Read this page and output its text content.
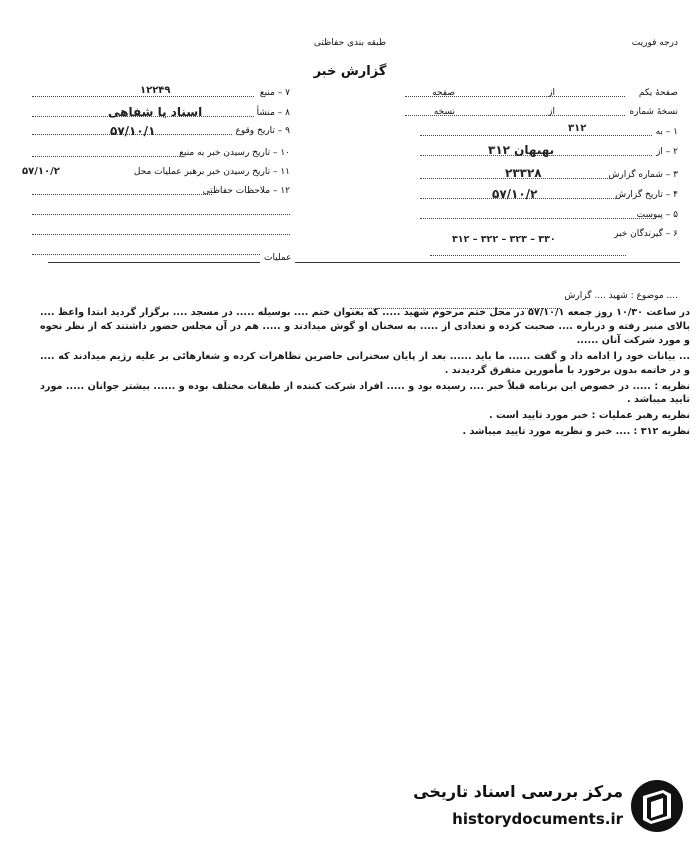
طبقه بندی حفاظتی	درجه فوریت
گزارش خبر
۷ – منبع
۱۲۲۴۹
۸ – منشأ
اسناد یا شفاهی
۹ – تاریخ وقوع
۵۷/۱۰/۱
۱۰ – تاریخ رسیدن خبر به منبع
۱۱ – تاریخ رسیدن خبر برهبر عملیات محل
۵۷/۱۰/۲
۱۲ – ملاحظات حفاظتی
صفحهٔ یکم
از
صفحه
نسخهٔ شماره
از
نسخه
۱ – به
۳۱۲
۲ – از
۳۱۲ بهبهان
۳ – شماره گزارش
۲۳۳۲۸
۴ – تاریخ گزارش
۵۷/۱۰/۲
۵ – پیوست
۶ – گیرندگان خبر
۳۱۲ – ۳۲۲ – ۳۲۳ – ۳۳۰
عملیات
موضوع : شهید .... گزارش ....

در ساعت ۱۰/۳۰ روز جمعه ۵۷/۱۰/۱ در محل ختم مرحوم شهید ..... که بعنوان ختم .... بوسیله ..... در مسجد .... برگزار گردید ابتدا واعظ .... بالای منبر رفته و درباره .... صحبت کرده و تعدادی از ..... به سخنان او گوش میدادند و ..... هم در آن مجلس حضور داشتند که از نظر نحوه و مورد شرکت آنان ......

... بیانات خود را ادامه داد و گفت ...... ما باید ...... بعد از پایان سخنرانی حاضرین تظاهرات کرده و شعارهائی بر علیه رژیم میدادند که .... و در خاتمه بدون برخورد با مأمورین متفرق گردیدند .

نظریه : ..... در خصوص این برنامه قبلاً خبر .... رسیده بود و ..... افراد شرکت کننده از طبقات مختلف بوده و ...... بیشتر جوانان ..... مورد تایید میباشد .

نظریه رهبر عملیات : خبر مورد تایید است .

نظریه ۳۱۲ : .... خبر و نظریه مورد تایید میباشد .

مرکز بررسی اسناد تاریخی
historydocuments.ir
